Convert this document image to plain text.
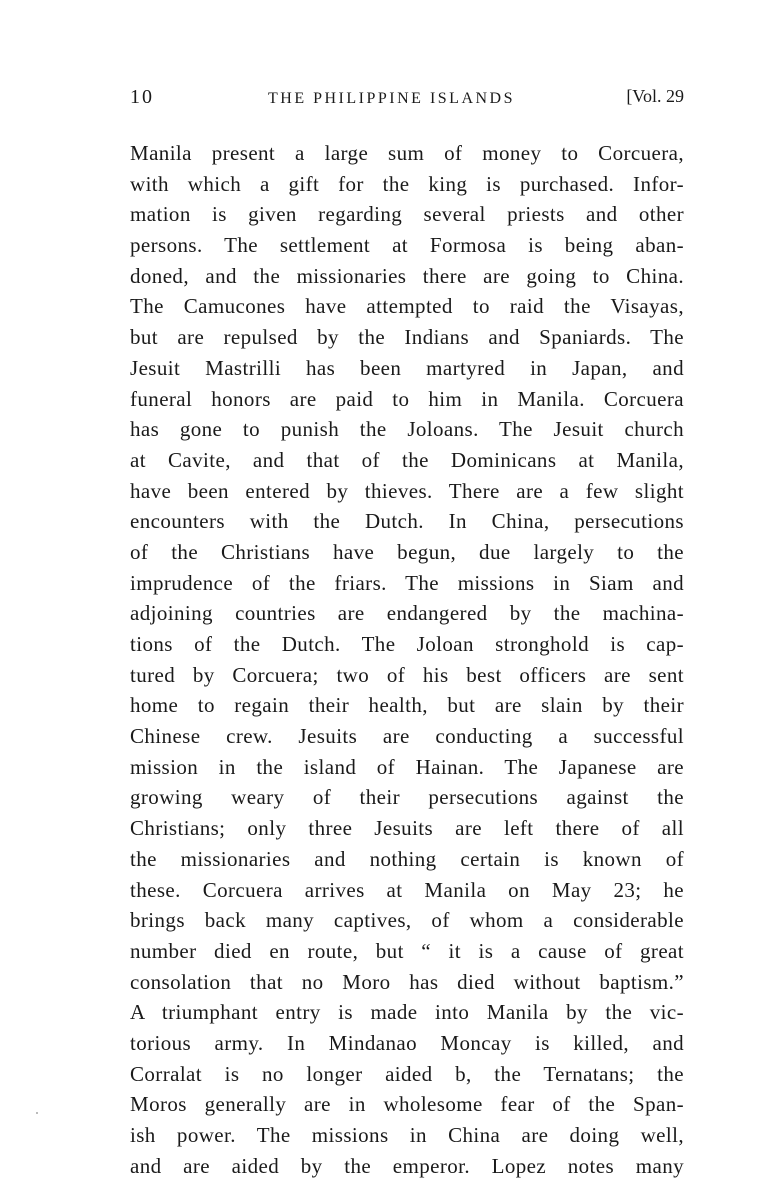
10	THE PHILIPPINE ISLANDS	[Vol. 29
Manila present a large sum of money to Corcuera,
with which a gift for the king is purchased. Infor-
mation is given regarding several priests and other
persons. The settlement at Formosa is being aban-
doned, and the missionaries there are going to China.
The Camucones have attempted to raid the Visayas,
but are repulsed by the Indians and Spaniards. The
Jesuit Mastrilli has been martyred in Japan, and
funeral honors are paid to him in Manila. Corcuera
has gone to punish the Joloans. The Jesuit church
at Cavite, and that of the Dominicans at Manila,
have been entered by thieves. There are a few slight
encounters with the Dutch. In China, persecutions
of the Christians have begun, due largely to the
imprudence of the friars. The missions in Siam and
adjoining countries are endangered by the machina-
tions of the Dutch. The Joloan stronghold is cap-
tured by Corcuera; two of his best officers are sent
home to regain their health, but are slain by their
Chinese crew. Jesuits are conducting a successful
mission in the island of Hainan. The Japanese are
growing weary of their persecutions against the
Christians; only three Jesuits are left there of all
the missionaries and nothing certain is known of
these. Corcuera arrives at Manila on May 23; he
brings back many captives, of whom a considerable
number died en route, but “ it is a cause of great
consolation that no Moro has died without baptism.”
A triumphant entry is made into Manila by the vic-
torious army. In Mindanao Moncay is killed, and
Corralat is no longer aided b, the Ternatans; the
Moros generally are in wholesome fear of the Span-
ish power. The missions in China are doing well,
and are aided by the emperor. Lopez notes many
